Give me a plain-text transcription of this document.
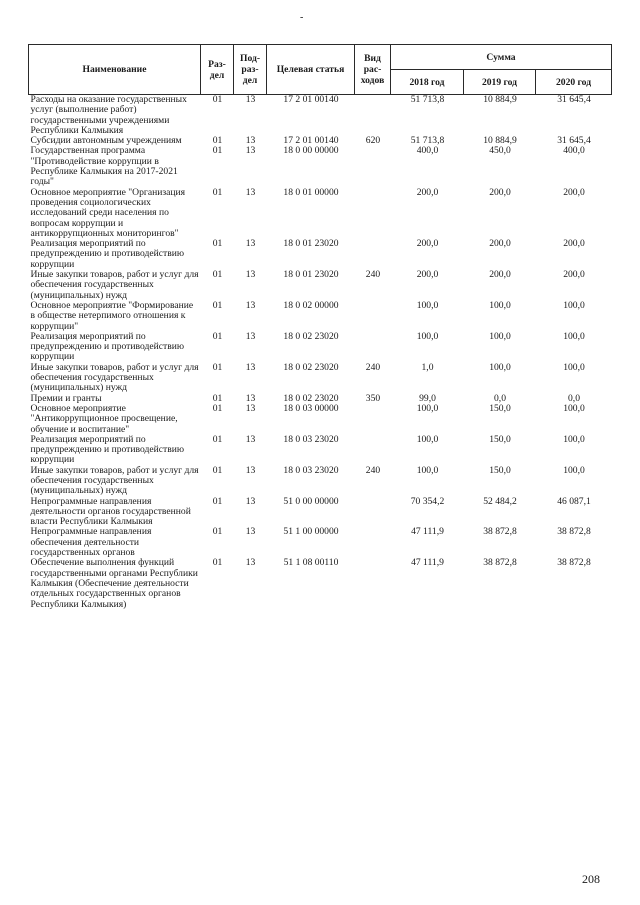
-
Наименование	Раз-дел	Под-раз-дел	Целевая статья	Вид рас-ходов	Сумма		
					2018 год	2019 год	2020 год
Расходы на оказание государственных услуг (выполнение работ) государственными учреждениями Республики Калмыкия	01	13	17 2 01 00140		51 713,8	10 884,9	31 645,4
Субсидии автономным учреждениям	01	13	17 2 01 00140	620	51 713,8	10 884,9	31 645,4
Государственная программа "Противодействие коррупции в Республике Калмыкия на 2017-2021 годы"	01	13	18 0 00 00000		400,0	450,0	400,0
Основное мероприятие "Организация проведения социологических исследований среди населения по вопросам коррупции и антикоррупционных мониторингов"	01	13	18 0 01 00000		200,0	200,0	200,0
Реализация мероприятий по предупреждению и противодействию коррупции	01	13	18 0 01 23020		200,0	200,0	200,0
Иные закупки товаров, работ и услуг для обеспечения государственных (муниципальных) нужд	01	13	18 0 01 23020	240	200,0	200,0	200,0
Основное мероприятие "Формирование в обществе нетерпимого отношения к коррупции"	01	13	18 0 02 00000		100,0	100,0	100,0
Реализация мероприятий по предупреждению и противодействию коррупции	01	13	18 0 02 23020		100,0	100,0	100,0
Иные закупки товаров, работ и услуг для обеспечения государственных (муниципальных) нужд	01	13	18 0 02 23020	240	1,0	100,0	100,0
Премии и гранты	01	13	18 0 02 23020	350	99,0	0,0	0,0
Основное мероприятие "Антикоррупционное просвещение, обучение и воспитание"	01	13	18 0 03 00000		100,0	150,0	100,0
Реализация мероприятий по предупреждению и противодействию коррупции	01	13	18 0 03 23020		100,0	150,0	100,0
Иные закупки товаров, работ и услуг для обеспечения государственных (муниципальных) нужд	01	13	18 0 03 23020	240	100,0	150,0	100,0
Непрограммные направления деятельности органов государственной власти Республики Калмыкия	01	13	51 0 00 00000		70 354,2	52 484,2	46 087,1
Непрограммные направления обеспечения деятельности государственных органов	01	13	51 1 00 00000		47 111,9	38 872,8	38 872,8
Обеспечение выполнения функций государственными органами Республики Калмыкия (Обеспечение деятельности отдельных государственных органов Республики Калмыкия)	01	13	51 1 08 00110		47 111,9	38 872,8	38 872,8
208
